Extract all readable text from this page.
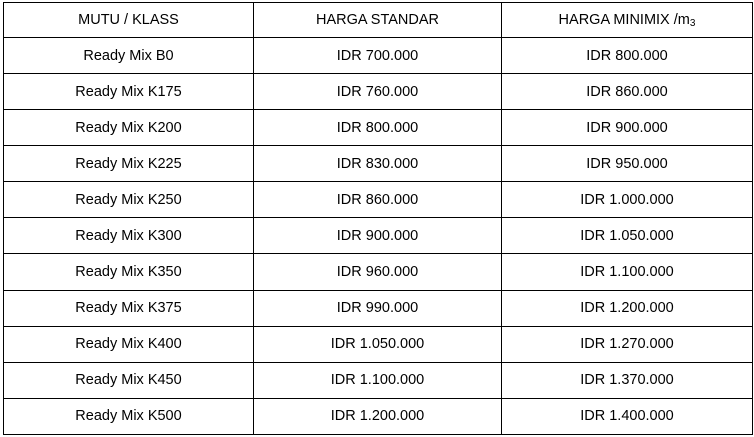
MUTU / KLASS	HARGA STANDAR	HARGA MINIMIX /m3
Ready Mix B0	IDR 700.000	IDR 800.000
Ready Mix K175	IDR 760.000	IDR 860.000
Ready Mix K200	IDR 800.000	IDR 900.000
Ready Mix K225	IDR 830.000	IDR 950.000
Ready Mix K250	IDR 860.000	IDR 1.000.000
Ready Mix K300	IDR 900.000	IDR 1.050.000
Ready Mix K350	IDR 960.000	IDR 1.100.000
Ready Mix K375	IDR 990.000	IDR 1.200.000
Ready Mix K400	IDR 1.050.000	IDR 1.270.000
Ready Mix K450	IDR 1.100.000	IDR 1.370.000
Ready Mix K500	IDR 1.200.000	IDR 1.400.000
